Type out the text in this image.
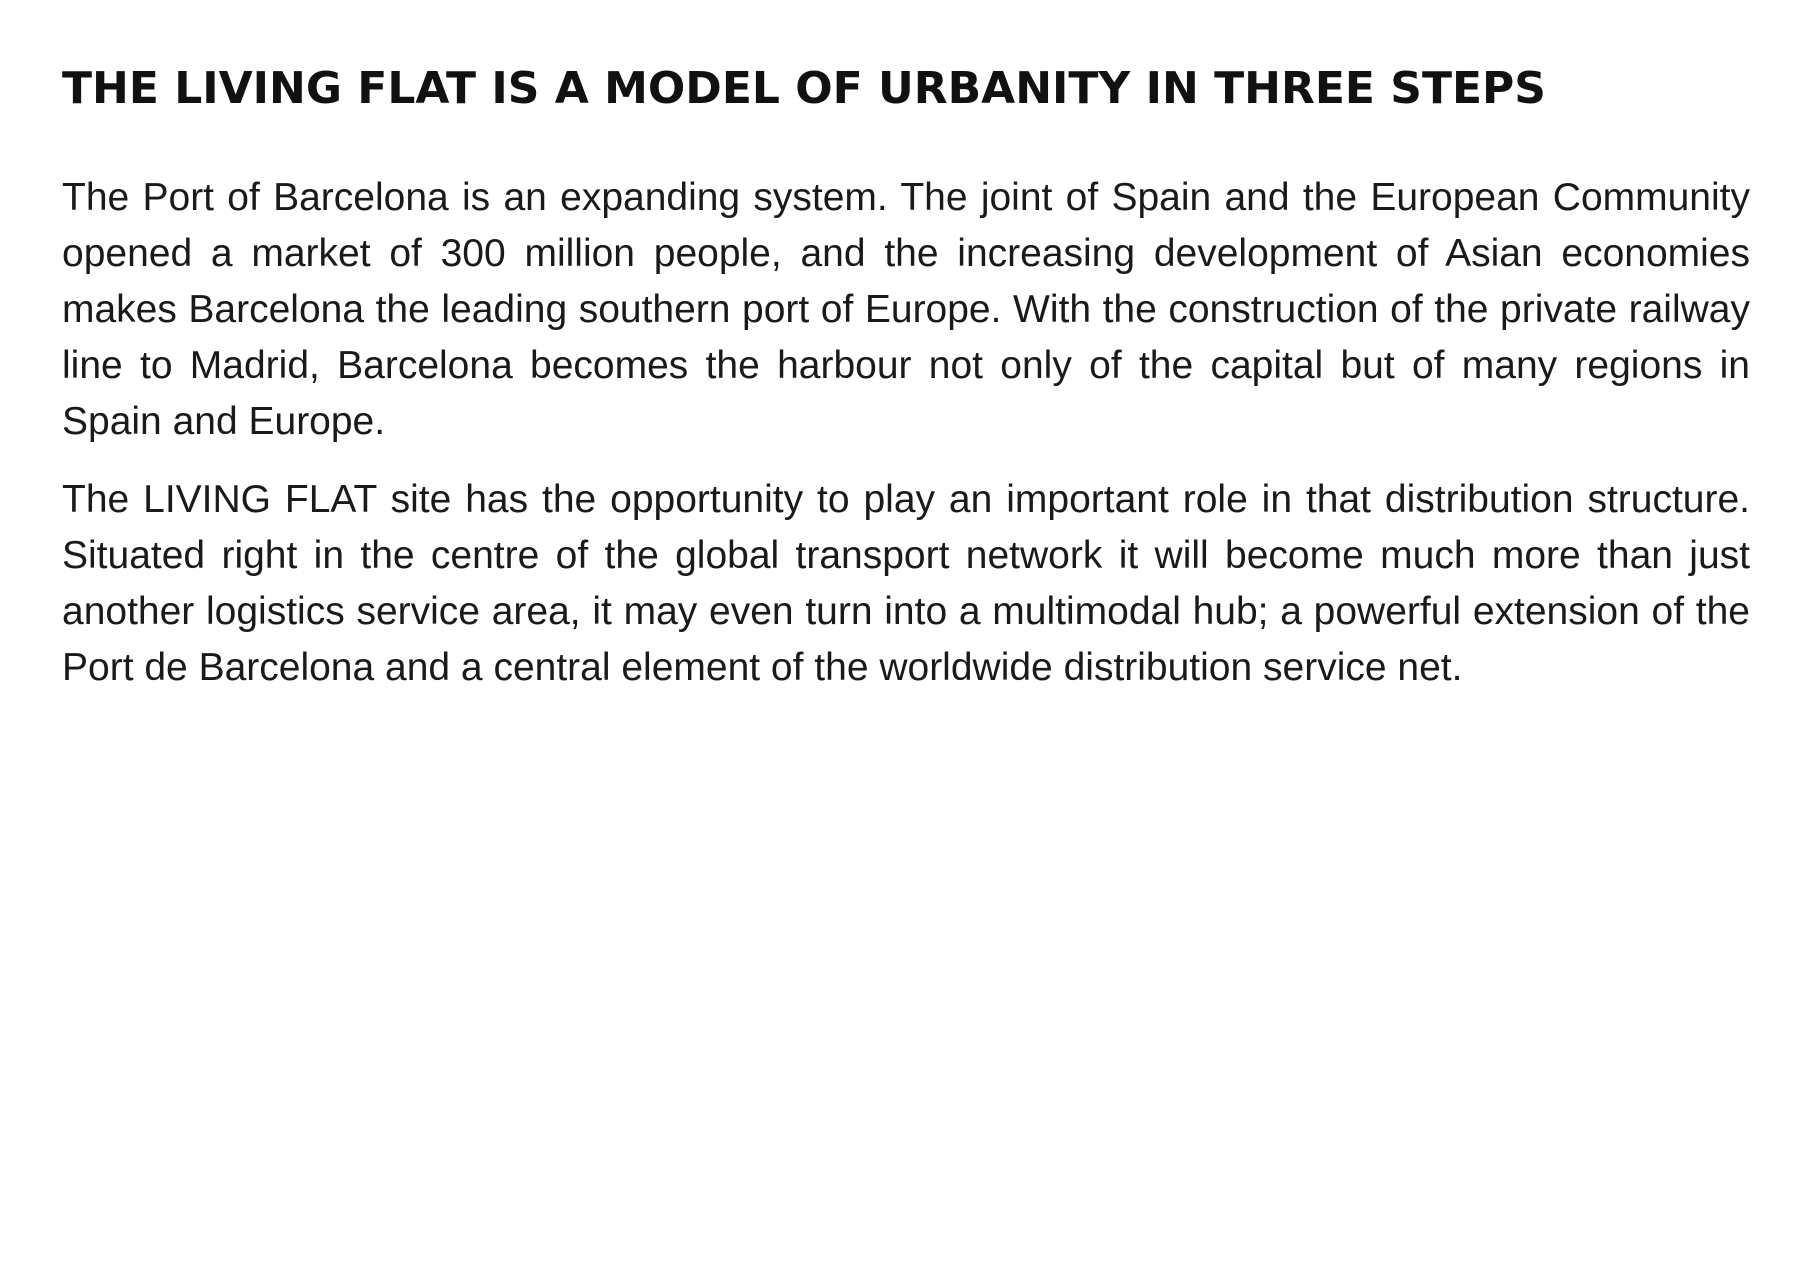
THE LIVING FLAT IS A MODEL OF URBANITY IN THREE STEPS

The Port of Barcelona is an expanding system. The joint of Spain and the European Community opened a market of 300 million people, and the increasing development of Asian economies makes Barcelona the leading southern port of Europe. With the construction of the private railway line to Madrid, Barcelona becomes the harbour not only of the capital but of many regions in Spain and Europe.

The LIVING FLAT site has the opportunity to play an important role in that distribution structure. Situated right in the centre of the global transport network it will become much more than just another logistics service area, it may even turn into a multimodal hub; a powerful extension of the Port de Barcelona and a central element of the worldwide distribution service net.
